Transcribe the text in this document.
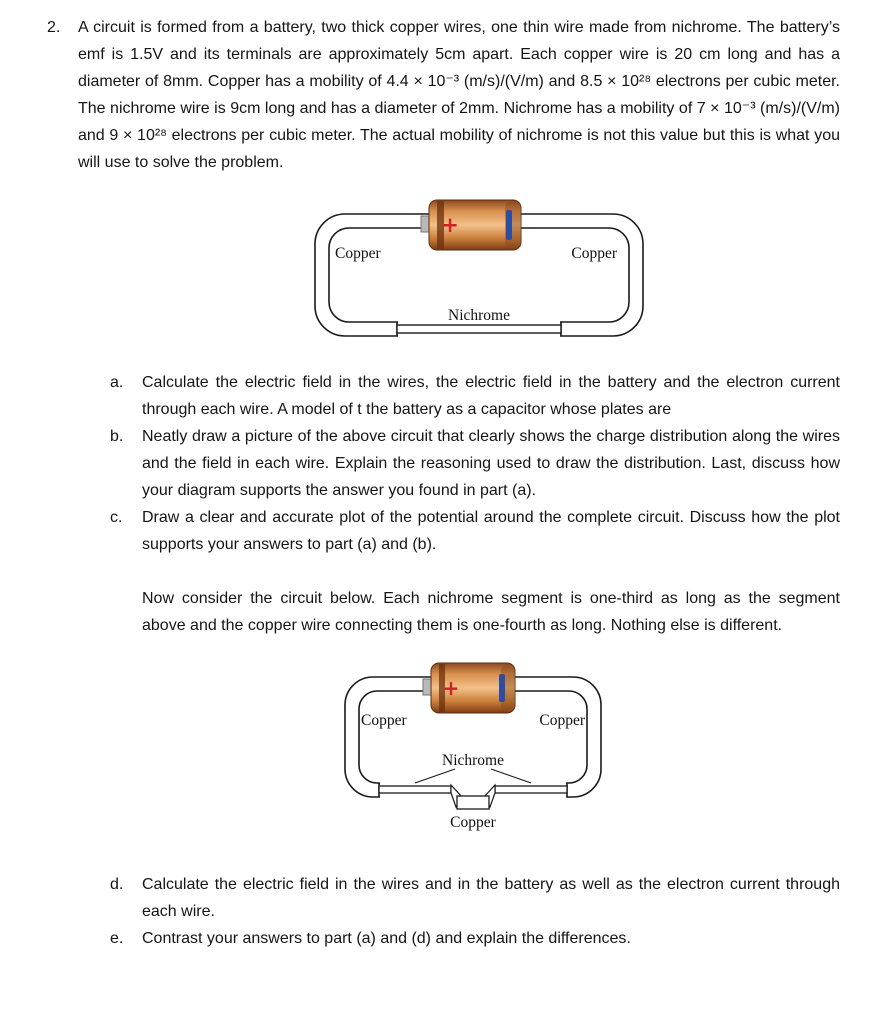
2.	A circuit is formed from a battery, two thick copper wires, one thin wire made from nichrome. The battery’s emf is 1.5V and its terminals are approximately 5cm apart. Each copper wire is 20 cm long and has a diameter of 8mm. Copper has a mobility of 4.4 × 10⁻³ (m/s)/(V/m) and 8.5 × 10²⁸ electrons per cubic meter. The nichrome wire is 9cm long and has a diameter of 2mm. Nichrome has a mobility of 7 × 10⁻³ (m/s)/(V/m) and 9 × 10²⁸ electrons per cubic meter. The actual mobility of nichrome is not this value but this is what you will use to solve the problem.
+
Copper	Copper
Nichrome
a.	Calculate the electric field in the wires, the electric field in the battery and the electron current through each wire. A model of t the battery as a capacitor whose plates are
b.	Neatly draw a picture of the above circuit that clearly shows the charge distribution along the wires and the field in each wire. Explain the reasoning used to draw the distribution. Last, discuss how your diagram supports the answer you found in part (a).
c.	Draw a clear and accurate plot of the potential around the complete circuit. Discuss how the plot supports your answers to part (a) and (b).
Now consider the circuit below. Each nichrome segment is one-third as long as the segment above and the copper wire connecting them is one-fourth as long. Nothing else is different.
+
Copper	Copper
Nichrome
Copper
d.	Calculate the electric field in the wires and in the battery as well as the electron current through each wire.
e.	Contrast your answers to part (a) and (d) and explain the differences.
